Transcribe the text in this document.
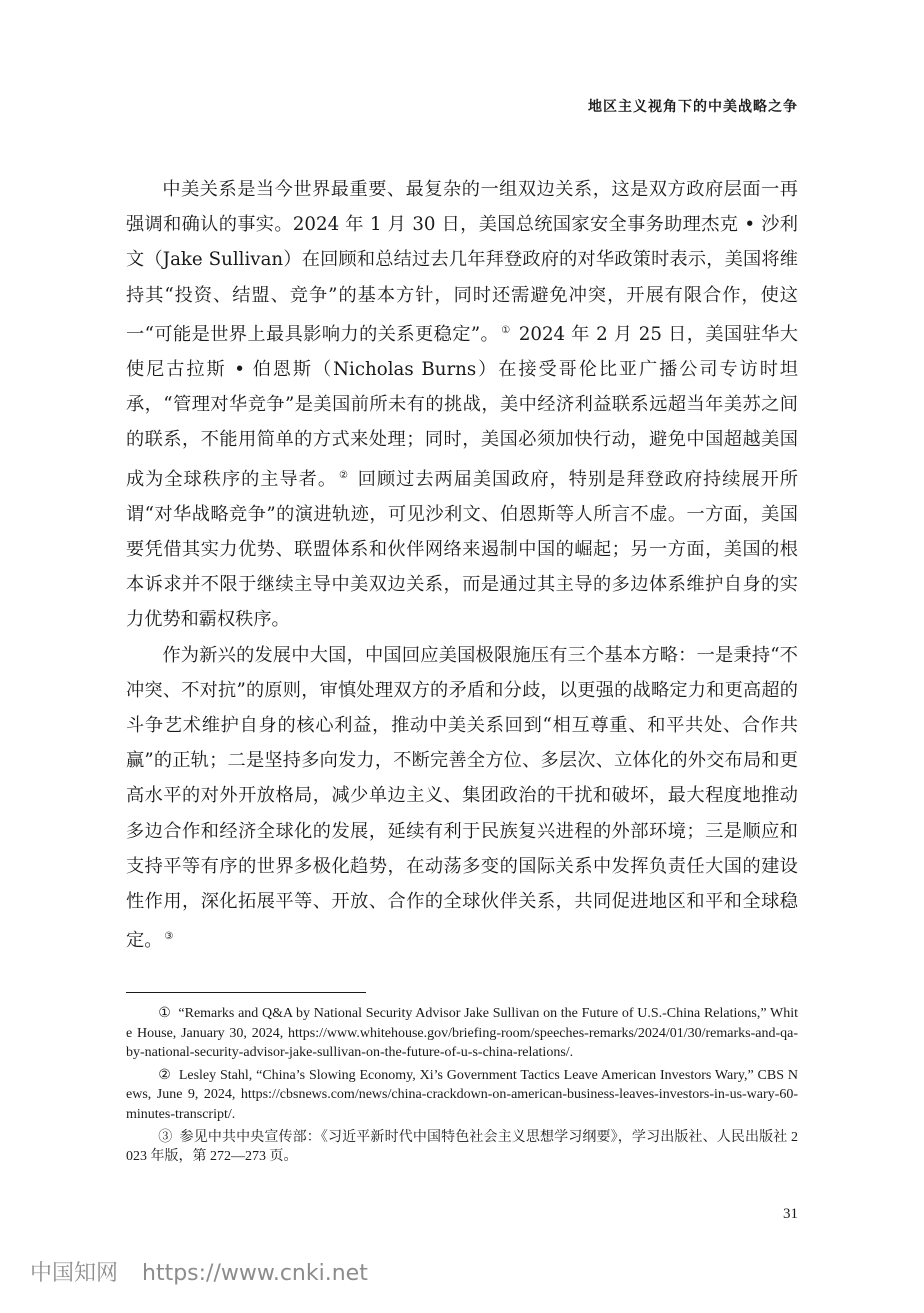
地区主义视角下的中美战略之争

中美关系是当今世界最重要、最复杂的一组双边关系，这是双方政府层面一再强调和确认的事实。2024 年 1 月 30 日，美国总统国家安全事务助理杰克 • 沙利文（Jake Sullivan）在回顾和总结过去几年拜登政府的对华政策时表示，美国将维持其“投资、结盟、竞争”的基本方针，同时还需避免冲突，开展有限合作，使这一“可能是世界上最具影响力的关系更稳定”。 ① 2024 年 2 月 25 日，美国驻华大使尼古拉斯 • 伯恩斯（Nicholas Burns）在接受哥伦比亚广播公司专访时坦承，“管理对华竞争”是美国前所未有的挑战，美中经济利益联系远超当年美苏之间的联系，不能用简单的方式来处理；同时，美国必须加快行动，避免中国超越美国成为全球秩序的主导者。 ② 回顾过去两届美国政府，特别是拜登政府持续展开所谓“对华战略竞争”的演进轨迹，可见沙利文、伯恩斯等人所言不虚。一方面，美国要凭借其实力优势、联盟体系和伙伴网络来遏制中国的崛起；另一方面，美国的根本诉求并不限于继续主导中美双边关系，而是通过其主导的多边体系维护自身的实力优势和霸权秩序。

作为新兴的发展中大国，中国回应美国极限施压有三个基本方略：一是秉持“不冲突、不对抗”的原则，审慎处理双方的矛盾和分歧，以更强的战略定力和更高超的斗争艺术维护自身的核心利益，推动中美关系回到“相互尊重、和平共处、合作共赢”的正轨；二是坚持多向发力，不断完善全方位、多层次、立体化的外交布局和更高水平的对外开放格局，减少单边主义、集团政治的干扰和破坏，最大程度地推动多边合作和经济全球化的发展，延续有利于民族复兴进程的外部环境；三是顺应和支持平等有序的世界多极化趋势，在动荡多变的国际关系中发挥负责任大国的建设性作用，深化拓展平等、开放、合作的全球伙伴关系，共同促进地区和平和全球稳定。 ③

① “Remarks and Q&A by National Security Advisor Jake Sullivan on the Future of U.S.-China Relations,” White House, January 30, 2024, https://www.whitehouse.gov/briefing-room/speeches-remarks/2024/01/30/remarks-and-qa-by-national-security-advisor-jake-sullivan-on-the-future-of-u-s-china-relations/.

② Lesley Stahl, “China’s Slowing Economy, Xi’s Government Tactics Leave American Investors Wary,” CBS News, June 9, 2024, https://cbsnews.com/news/china-crackdown-on-american-business-leaves-investors-in-us-wary-60-minutes-transcript/.

③ 参见中共中央宣传部：《习近平新时代中国特色社会主义思想学习纲要》，学习出版社、人民出版社 2023 年版，第 272—273 页。

31
中国知网 https://www.cnki.net
